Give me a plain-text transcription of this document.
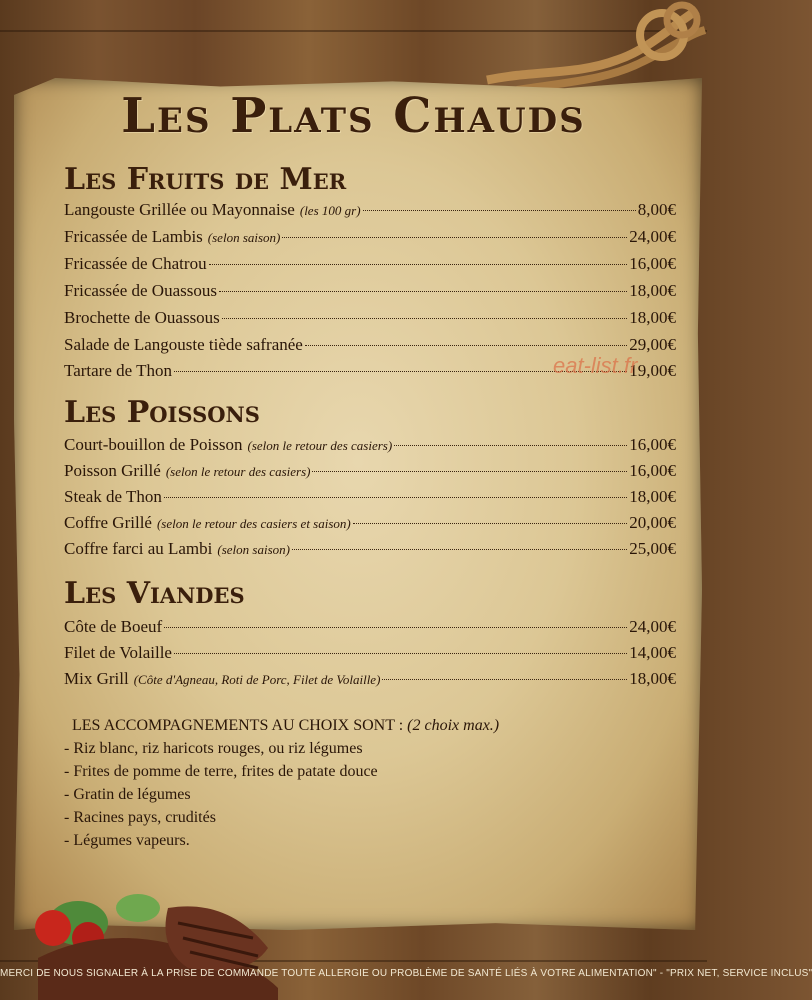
Les Plats Chauds
Les Fruits de Mer
Langouste Grillée ou Mayonnaise (les 100 gr)	8,00€
Fricassée de Lambis (selon saison)	24,00€
Fricassée de Chatrou	16,00€
Fricassée de Ouassous	18,00€
Brochette de Ouassous	18,00€
Salade de Langouste tiède safranée	29,00€
Tartare de Thon	19,00€
Les Poissons
Court-bouillon de Poisson (selon le retour des casiers)	16,00€
Poisson Grillé (selon le retour des casiers)	16,00€
Steak de Thon	18,00€
Coffre Grillé (selon le retour des casiers et saison)	20,00€
Coffre farci au Lambi (selon saison)	25,00€
Les Viandes
Côte de Boeuf	24,00€
Filet de Volaille	14,00€
Mix Grill (Côte d'Agneau, Roti de Porc, Filet de Volaille)	18,00€
eat-list.fr
LES ACCOMPAGNEMENTS AU CHOIX SONT : (2 choix max.)
- Riz blanc, riz haricots rouges, ou riz légumes
- Frites de pomme de terre, frites de patate douce
- Gratin de légumes
- Racines pays, crudités
- Légumes vapeurs.
MERCI DE NOUS SIGNALER À LA PRISE DE COMMANDE TOUTE ALLERGIE OU PROBLÈME DE SANTÉ LIÉS À VOTRE ALIMENTATION" - "PRIX NET, SERVICE INCLUS"
